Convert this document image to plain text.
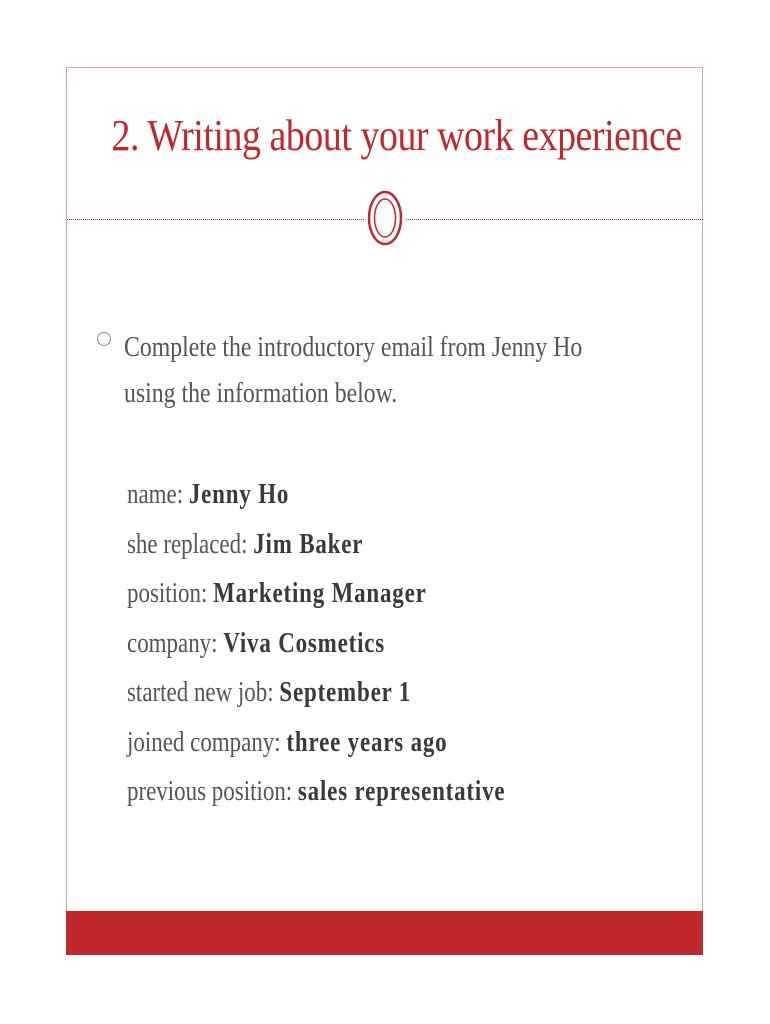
2. Writing about your work experience
Complete the introductory email from Jenny Ho using the information below.
name: Jenny Ho
she replaced: Jim Baker
position: Marketing Manager
company: Viva Cosmetics
started new job: September 1
joined company: three years ago
previous position: sales representative
